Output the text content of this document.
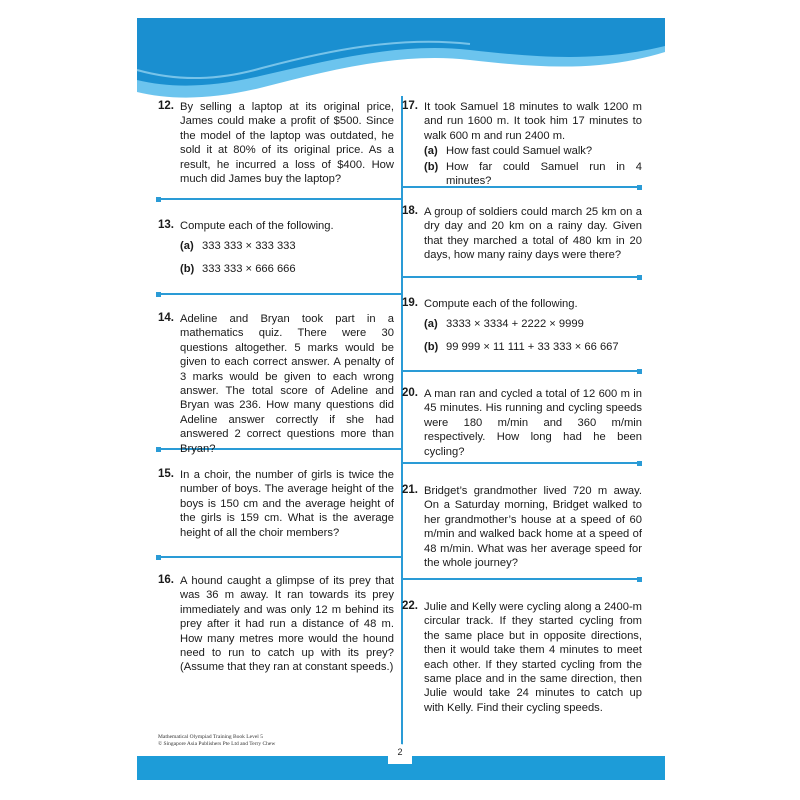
12. By selling a laptop at its original price, James could make a profit of $500. Since the model of the laptop was outdated, he sold it at 80% of its original price. As a result, he incurred a loss of $400. How much did James buy the laptop?
13. Compute each of the following.
(a) 333 333 × 333 333
(b) 333 333 × 666 666
14. Adeline and Bryan took part in a mathematics quiz. There were 30 questions altogether. 5 marks would be given to each correct answer. A penalty of 3 marks would be given to each wrong answer. The total score of Adeline and Bryan was 236. How many questions did Adeline answer correctly if she had answered 2 correct questions more than Bryan?
15. In a choir, the number of girls is twice the number of boys. The average height of the boys is 150 cm and the average height of the girls is 159 cm. What is the average height of all the choir members?
16. A hound caught a glimpse of its prey that was 36 m away. It ran towards its prey immediately and was only 12 m behind its prey after it had run a distance of 48 m. How many metres more would the hound need to run to catch up with its prey? (Assume that they ran at constant speeds.)
17. It took Samuel 18 minutes to walk 1200 m and run 1600 m. It took him 17 minutes to walk 600 m and run 2400 m.
(a) How fast could Samuel walk?
(b) How far could Samuel run in 4 minutes?
18. A group of soldiers could march 25 km on a dry day and 20 km on a rainy day. Given that they marched a total of 480 km in 20 days, how many rainy days were there?
19. Compute each of the following.
(a) 3333 × 3334 + 2222 × 9999
(b) 99 999 × 11 111 + 33 333 × 66 667
20. A man ran and cycled a total of 12 600 m in 45 minutes. His running and cycling speeds were 180 m/min and 360 m/min respectively. How long had he been cycling?
21. Bridget’s grandmother lived 720 m away. On a Saturday morning, Bridget walked to her grandmother’s house at a speed of 60 m/min and walked back home at a speed of 48 m/min. What was her average speed for the whole journey?
22. Julie and Kelly were cycling along a 2400-m circular track. If they started cycling from the same place but in opposite directions, then it would take them 4 minutes to meet each other. If they started cycling from the same place and in the same direction, then Julie would take 24 minutes to catch up with Kelly. Find their cycling speeds.
Mathematical Olympiad Training Book Level 5
© Singapore Asia Publishers Pte Ltd and Terry Chew
2
